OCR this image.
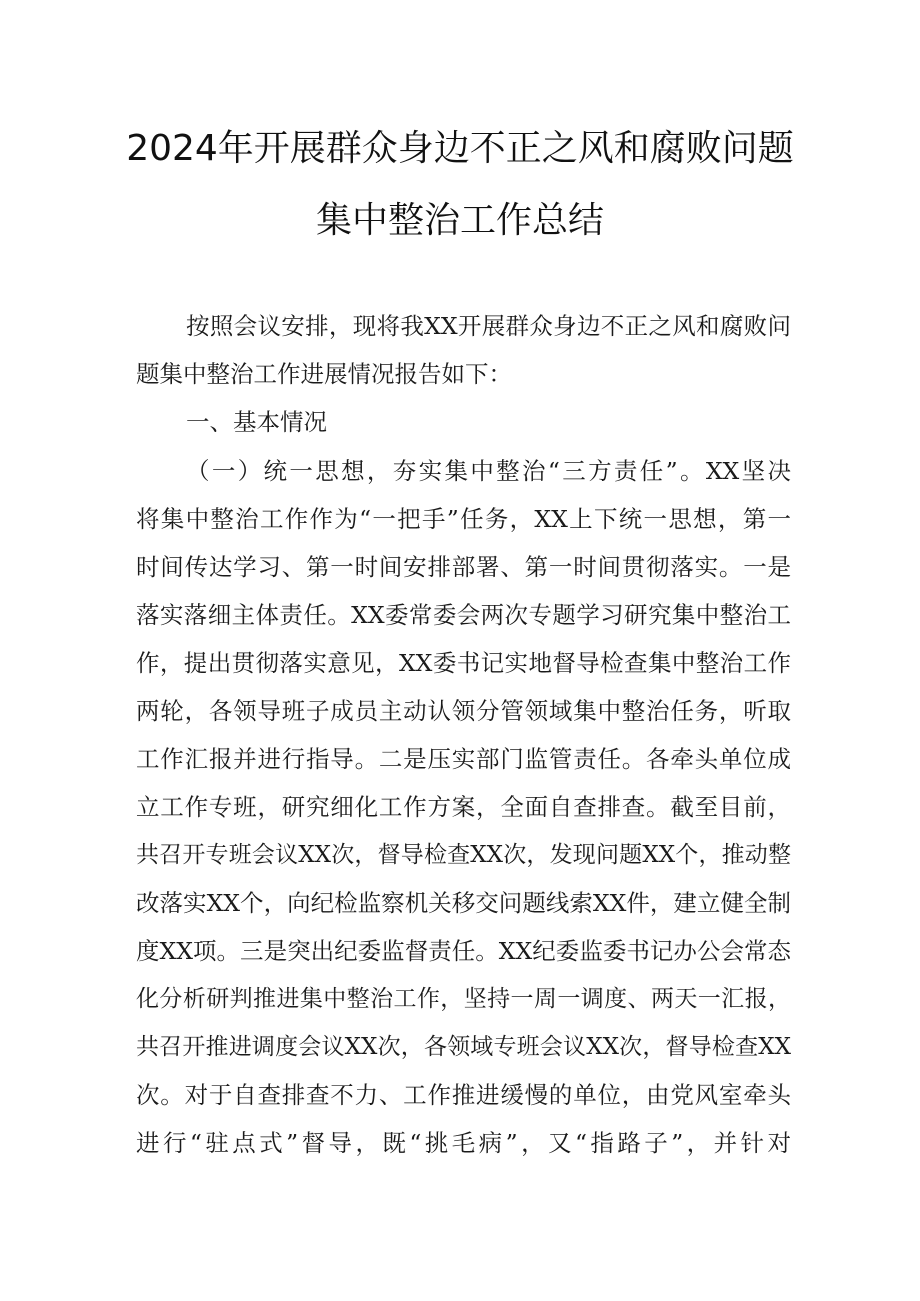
2024年开展群众身边不正之风和腐败问题
集中整治工作总结
按照会议安排，现将我XX开展群众身边不正之风和腐败问
题集中整治工作进展情况报告如下：
一、基本情况
（一）统一思想，夯实集中整治“三方责任”。XX坚决
将集中整治工作作为“一把手”任务，XX上下统一思想，第一
时间传达学习、第一时间安排部署、第一时间贯彻落实。一是
落实落细主体责任。XX委常委会两次专题学习研究集中整治工
作，提出贯彻落实意见，XX委书记实地督导检查集中整治工作
两轮，各领导班子成员主动认领分管领域集中整治任务，听取
工作汇报并进行指导。二是压实部门监管责任。各牵头单位成
立工作专班，研究细化工作方案，全面自查排查。截至目前，
共召开专班会议XX次，督导检查XX次，发现问题XX个，推动整
改落实XX个，向纪检监察机关移交问题线索XX件，建立健全制
度XX项。三是突出纪委监督责任。XX纪委监委书记办公会常态
化分析研判推进集中整治工作，坚持一周一调度、两天一汇报，
共召开推进调度会议XX次，各领域专班会议XX次，督导检查XX
次。对于自查排查不力、工作推进缓慢的单位，由党风室牵头
进行“驻点式”督导，既“挑毛病”，又“指路子”，并针对
